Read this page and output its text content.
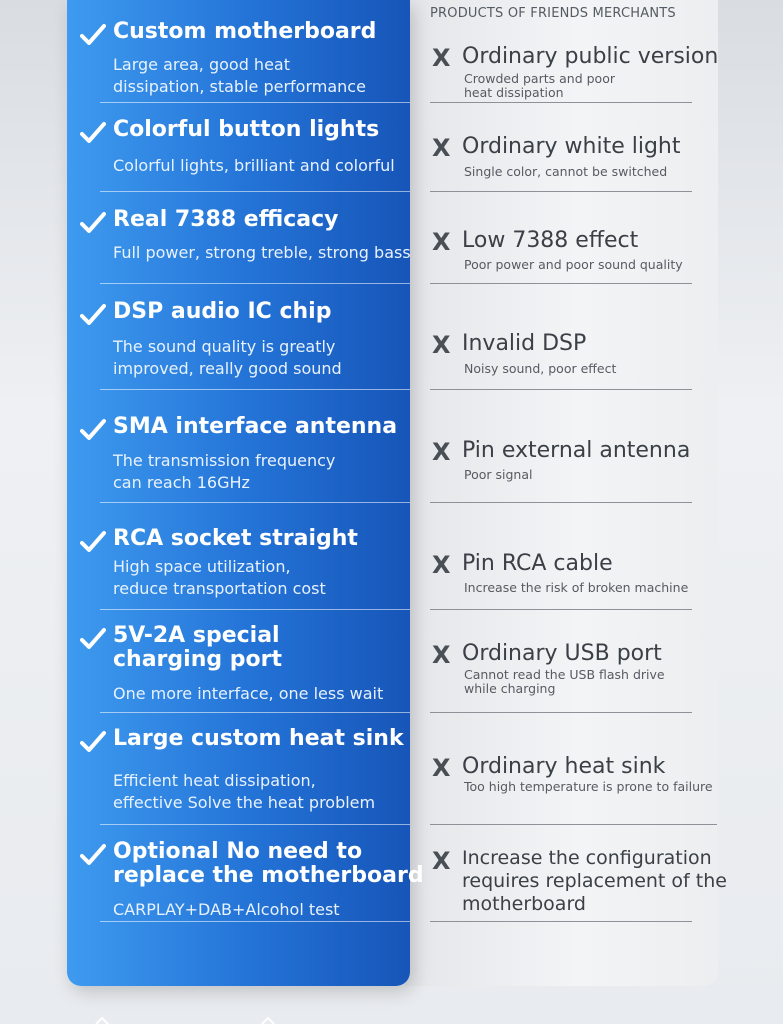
PRODUCTS OF FRIENDS MERCHANTS
Custom motherboard
Large area, good heat
dissipation, stable performance
X Ordinary public version
Crowded parts and poor
heat dissipation
Colorful button lights
Colorful lights, brilliant and colorful
X Ordinary white light
Single color, cannot be switched
Real 7388 efficacy
Full power, strong treble, strong bass X Low 7388 effect
Poor power and poor sound quality
DSP audio IC chip
The sound quality is greatly
improved, really good sound
X Invalid DSP
Noisy sound, poor effect
SMA interface antenna
The transmission frequency
can reach 16GHz
X Pin external antenna
Poor signal
RCA socket straight
High space utilization,
reduce transportation cost
X Pin RCA cable
Increase the risk of broken machine
5V-2A special
charging port
One more interface, one less wait
X Ordinary USB port
Cannot read the USB flash drive
while charging
Large custom heat sink
Efficient heat dissipation,
effective Solve the heat problem
X Ordinary heat sink
Too high temperature is prone to failure
Optional No need to
replace the motherboard
CARPLAY+DAB+Alcohol test
X Increase the configuration
requires replacement of the
motherboard
